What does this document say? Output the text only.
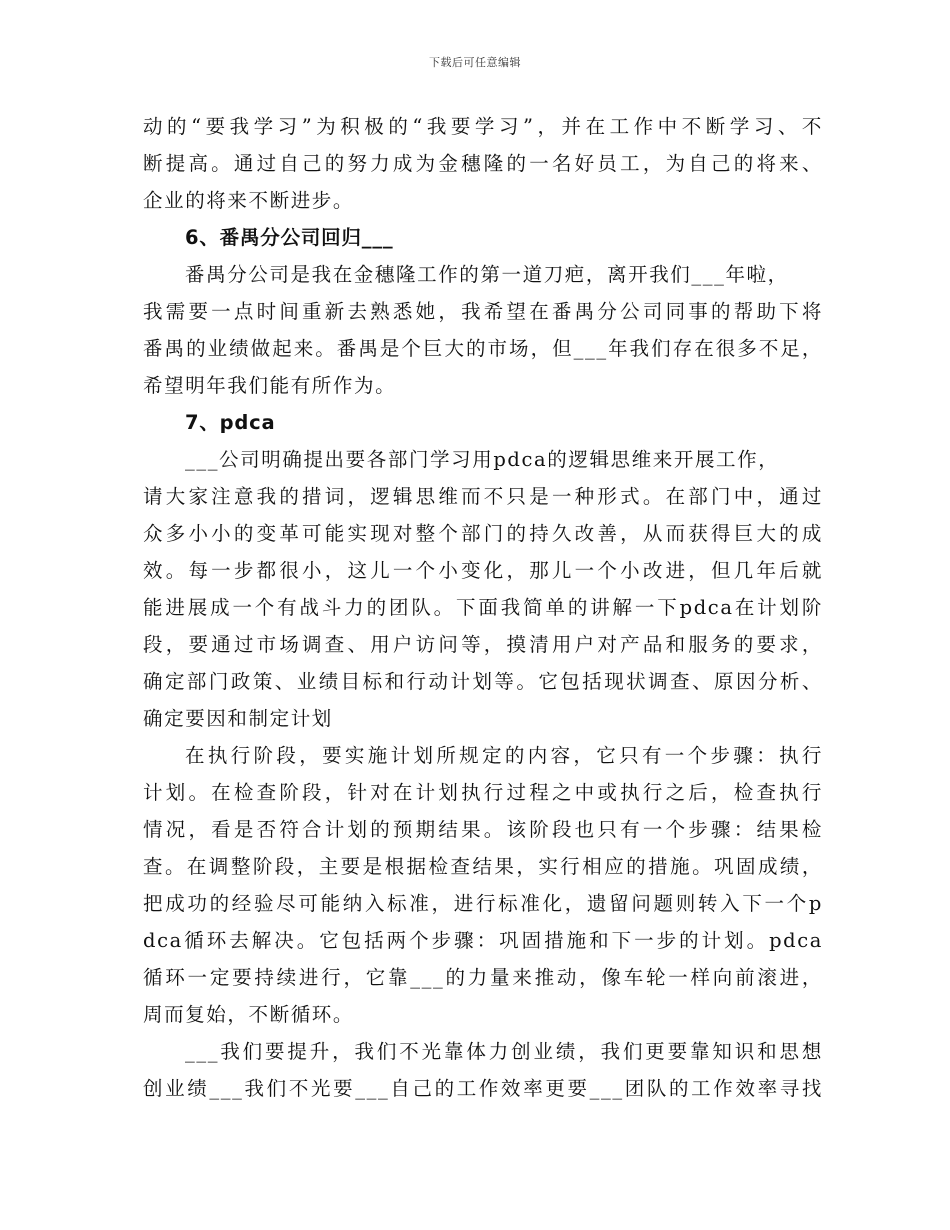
下载后可任意编辑
动的“要我学习”为积极的“我要学习”，并在工作中不断学习、不
断提高。通过自己的努力成为金穗隆的一名好员工，为自己的将来、
企业的将来不断进步。
6、番禺分公司回归___
番禺分公司是我在金穗隆工作的第一道刀疤，离开我们___年啦，
我需要一点时间重新去熟悉她，我希望在番禺分公司同事的帮助下将
番禺的业绩做起来。番禺是个巨大的市场，但___年我们存在很多不足，
希望明年我们能有所作为。
7、pdca
___公司明确提出要各部门学习用pdca的逻辑思维来开展工作，
请大家注意我的措词，逻辑思维而不只是一种形式。在部门中，通过
众多小小的变革可能实现对整个部门的持久改善，从而获得巨大的成
效。每一步都很小，这儿一个小变化，那儿一个小改进，但几年后就
能进展成一个有战斗力的团队。下面我简单的讲解一下pdca在计划阶
段，要通过市场调查、用户访问等，摸清用户对产品和服务的要求，
确定部门政策、业绩目标和行动计划等。它包括现状调查、原因分析、
确定要因和制定计划
在执行阶段，要实施计划所规定的内容，它只有一个步骤：执行
计划。在检查阶段，针对在计划执行过程之中或执行之后，检查执行
情况，看是否符合计划的预期结果。该阶段也只有一个步骤：结果检
查。在调整阶段，主要是根据检查结果，实行相应的措施。巩固成绩，
把成功的经验尽可能纳入标准，进行标准化，遗留问题则转入下一个p
dca循环去解决。它包括两个步骤：巩固措施和下一步的计划。pdca
循环一定要持续进行，它靠___的力量来推动，像车轮一样向前滚进，
周而复始，不断循环。
___我们要提升，我们不光靠体力创业绩，我们更要靠知识和思想
创业绩___我们不光要___自己的工作效率更要___团队的工作效率寻找
